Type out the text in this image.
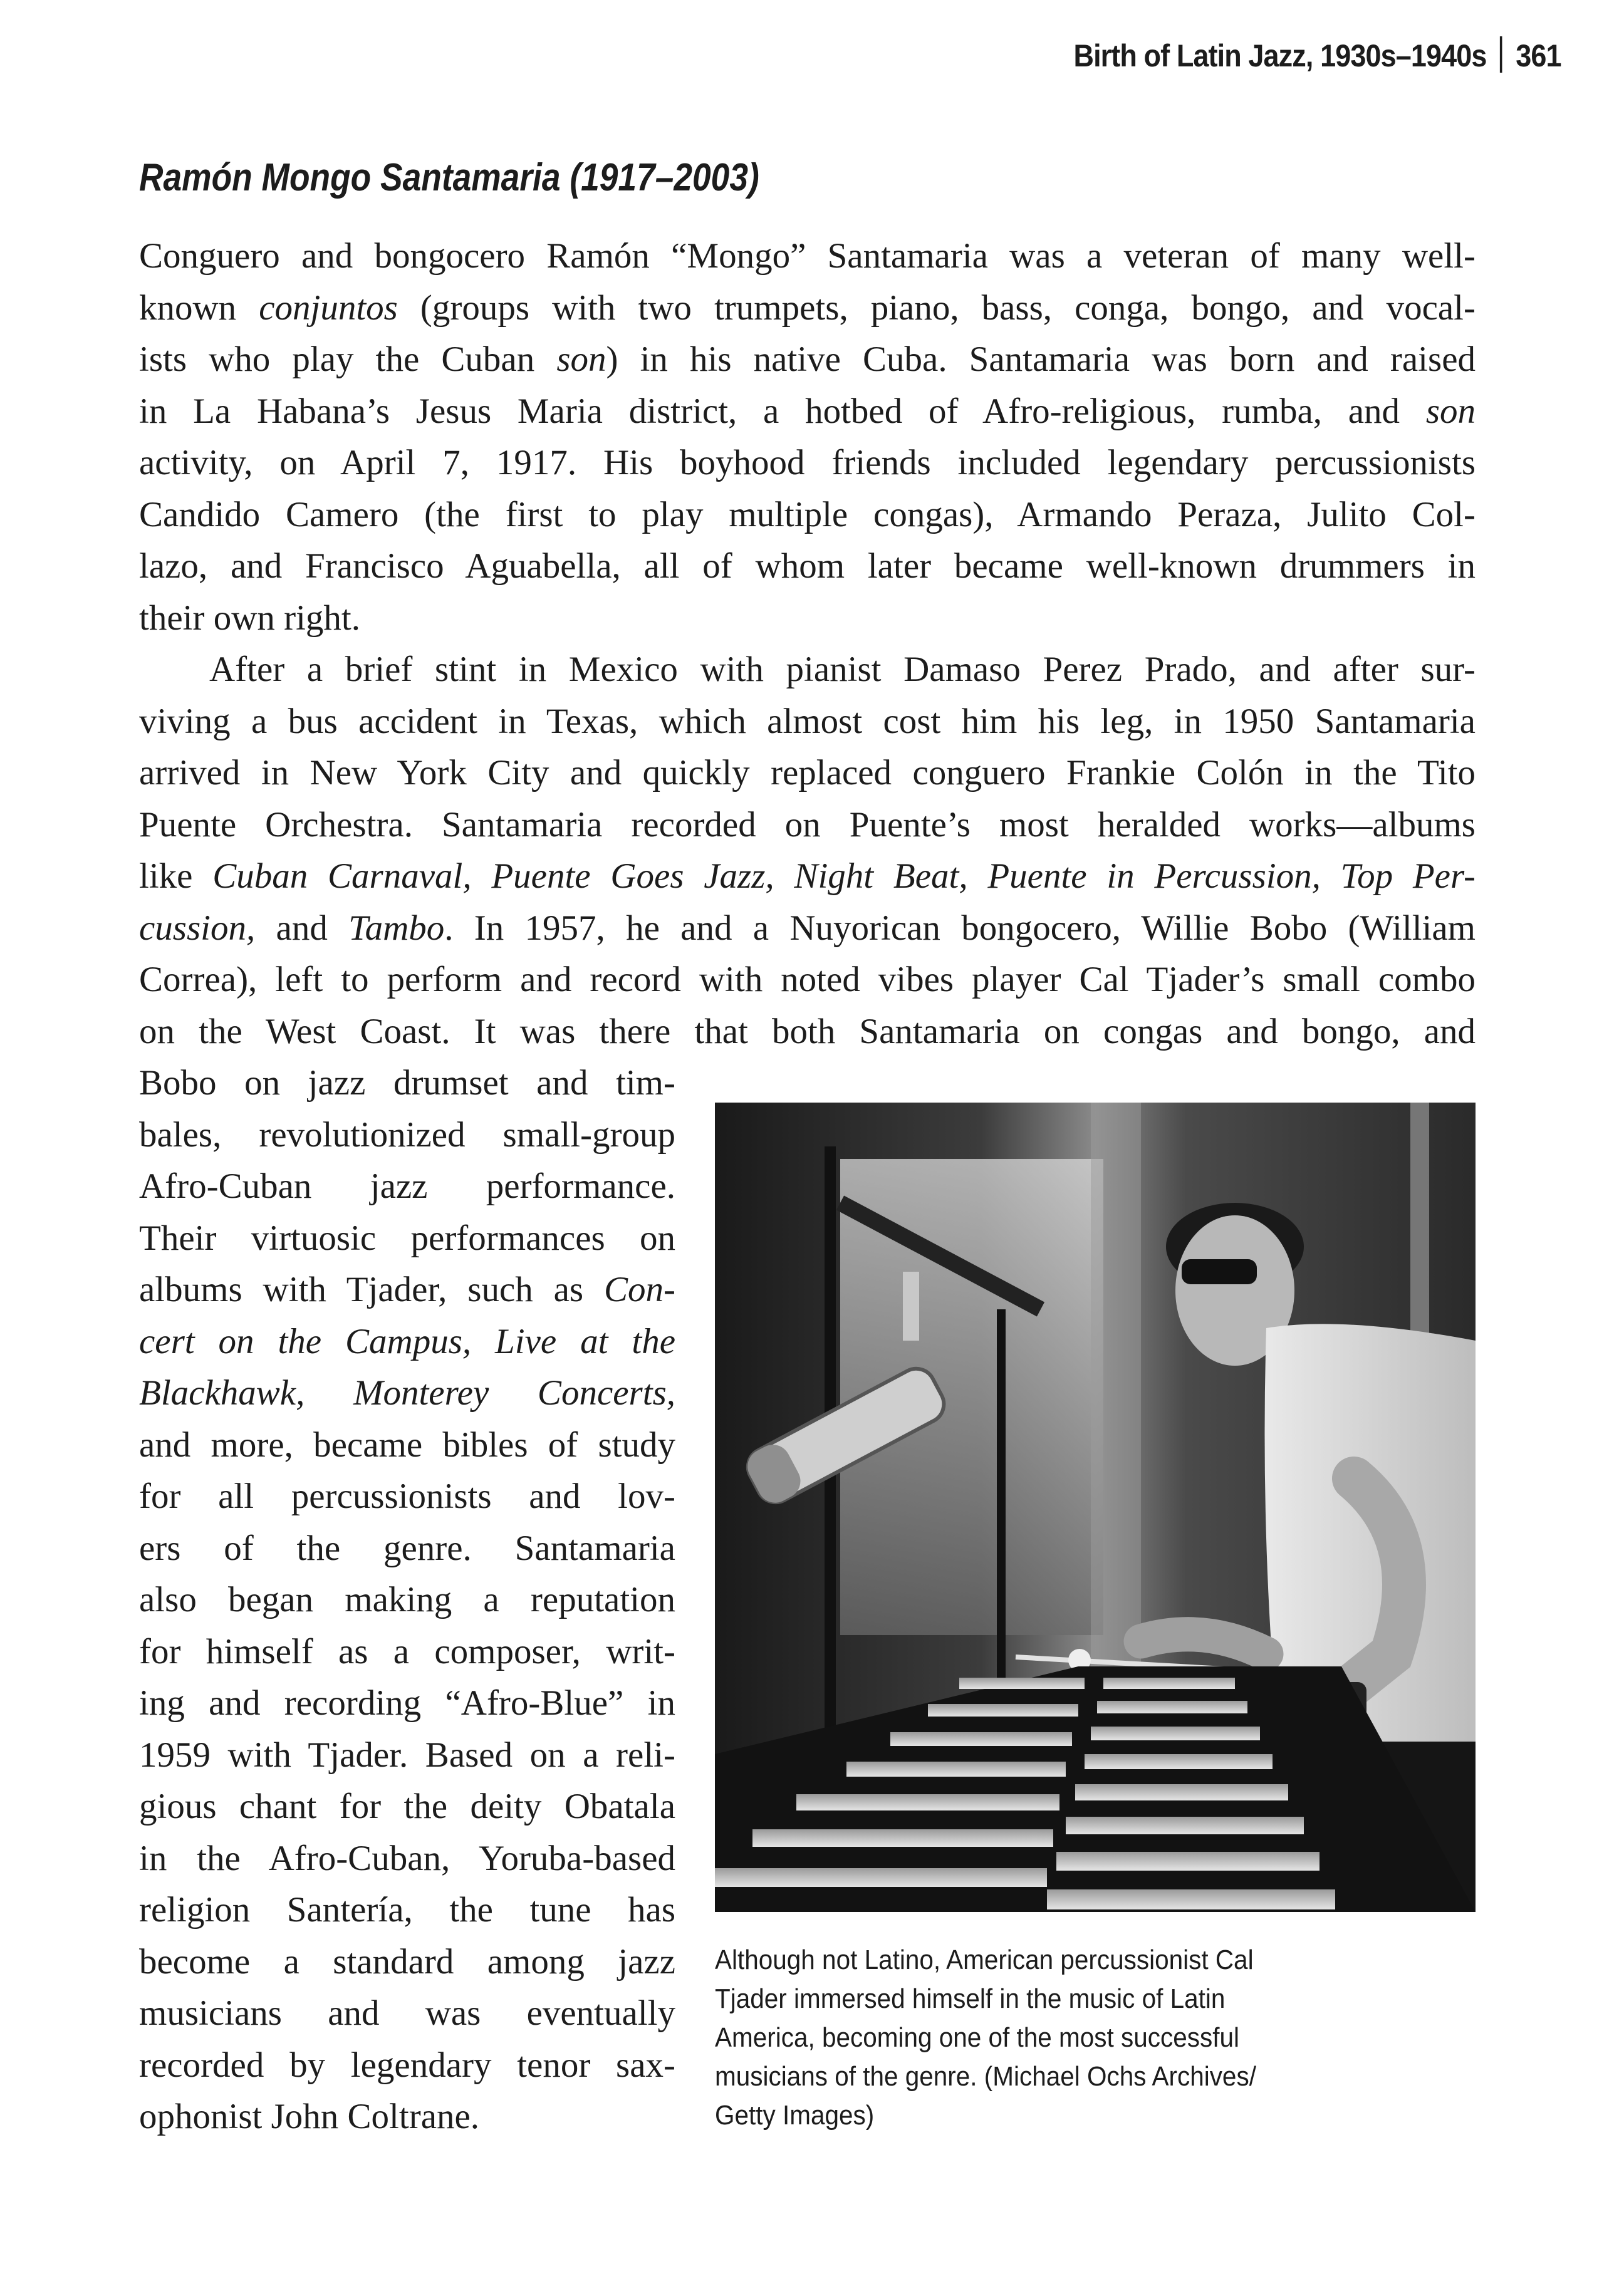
Birth of Latin Jazz, 1930s–1940s 361
Ramón Mongo Santamaria (1917–2003)

Conguero and bongocero Ramón “Mongo” Santamaria was a veteran of many well-
known conjuntos (groups with two trumpets, piano, bass, conga, bongo, and vocal-
ists who play the Cuban son) in his native Cuba. Santamaria was born and raised
in La Habana’s Jesus Maria district, a hotbed of Afro-religious, rumba, and son
activity, on April 7, 1917. His boyhood friends included legendary percussionists
Candido Camero (the first to play multiple congas), Armando Peraza, Julito Col-
lazo, and Francisco Aguabella, all of whom later became well-known drummers in
their own right.

After a brief stint in Mexico with pianist Damaso Perez Prado, and after sur-
viving a bus accident in Texas, which almost cost him his leg, in 1950 Santamaria
arrived in New York City and quickly replaced conguero Frankie Colón in the Tito
Puente Orchestra. Santamaria recorded on Puente’s most heralded works—albums
like Cuban Carnaval, Puente Goes Jazz, Night Beat, Puente in Percussion, Top Per-
cussion, and Tambo. In 1957, he and a Nuyorican bongocero, Willie Bobo (William
Correa), left to perform and record with noted vibes player Cal Tjader’s small combo
on the West Coast. It was there that both Santamaria on congas and bongo, and
Bobo on jazz drumset and tim-
bales, revolutionized small-group
Afro-Cuban jazz performance.
Their virtuosic performances on
albums with Tjader, such as Con-
cert on the Campus, Live at the
Blackhawk, Monterey Concerts,
and more, became bibles of study
for all percussionists and lov-
ers of the genre. Santamaria
also began making a reputation
for himself as a composer, writ-
ing and recording “Afro-Blue” in
1959 with Tjader. Based on a reli-
gious chant for the deity Obatala
in the Afro-Cuban, Yoruba-based
religion Santería, the tune has
become a standard among jazz
musicians and was eventually
recorded by legendary tenor sax-
ophonist John Coltrane.

Although not Latino, American percussionist Cal
Tjader immersed himself in the music of Latin
America, becoming one of the most successful
musicians of the genre. (Michael Ochs Archives/
Getty Images)
